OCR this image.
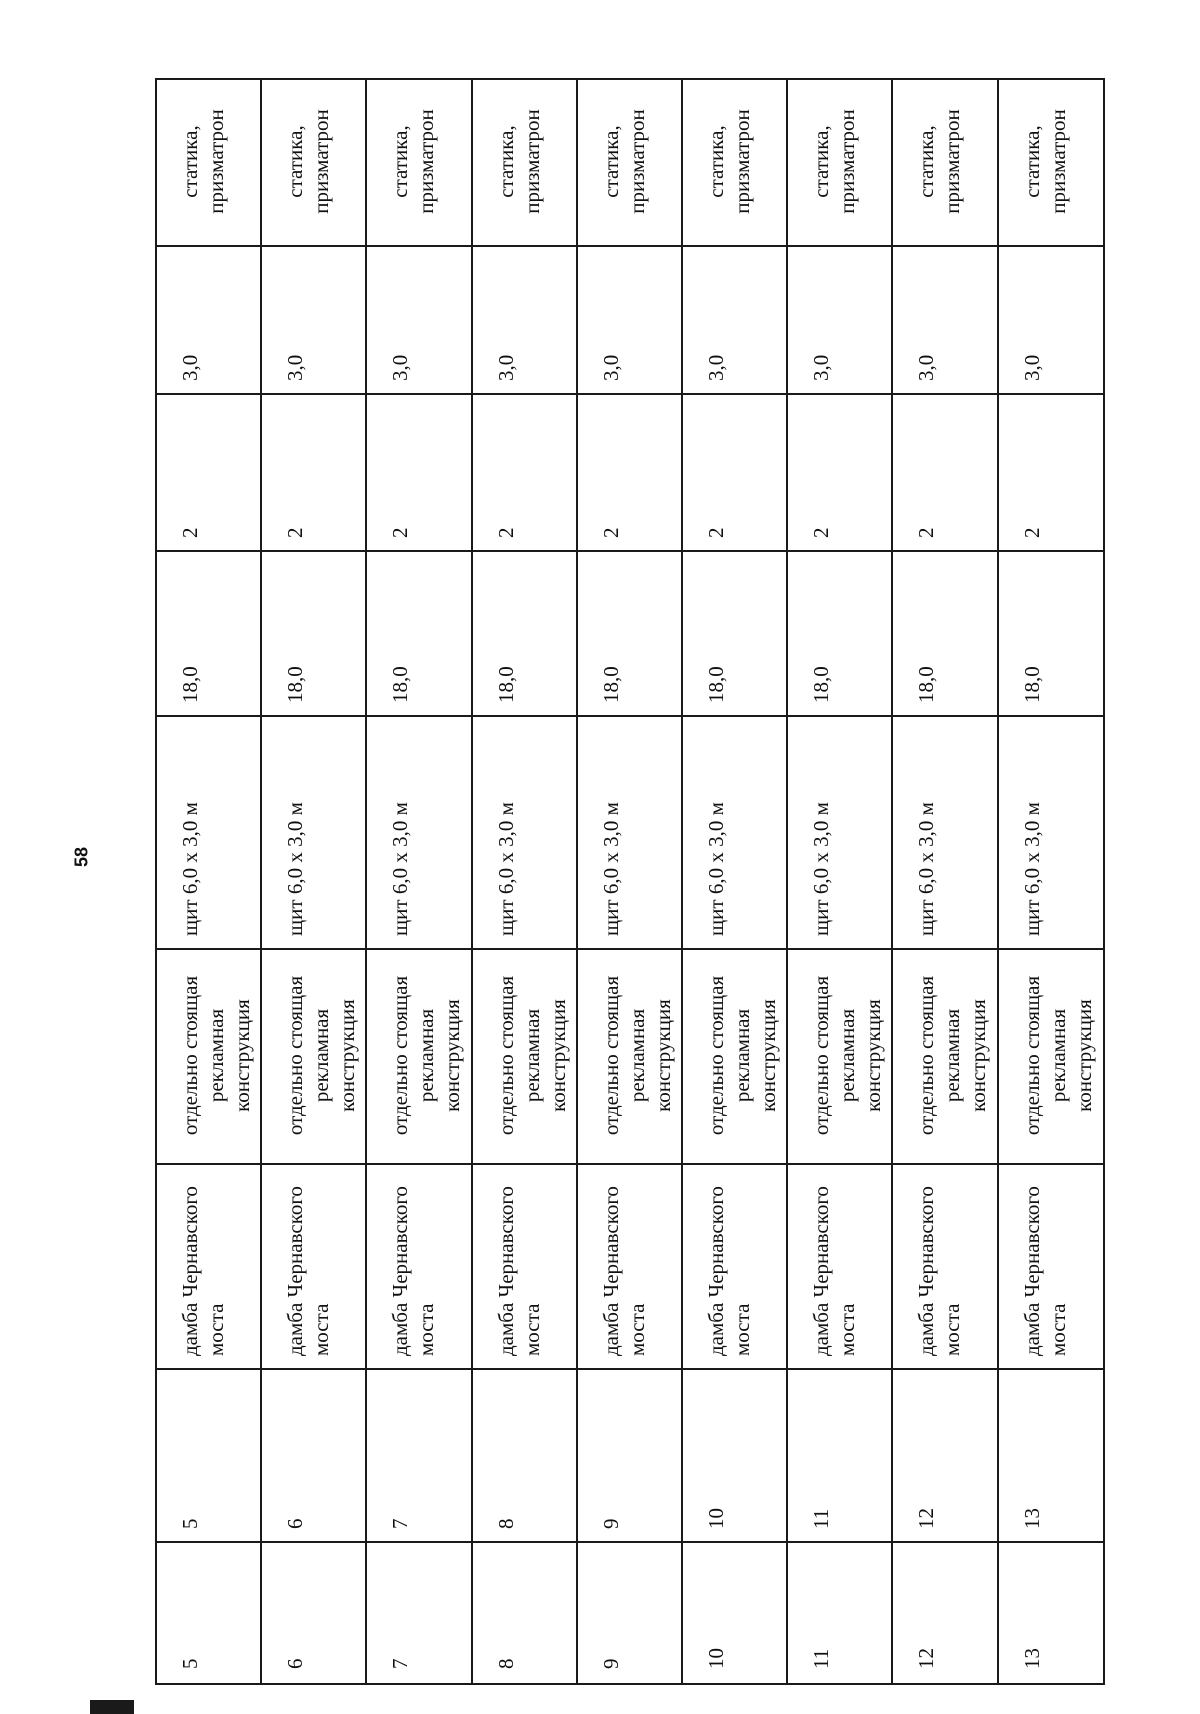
58
статика,
призматрон
3,0
2
18,0
щит 6,0 х 3,0 м
отдельно стоящая
рекламная
конструкция
дамба Чернавского
моста
5
5
статика,
призматрон
3,0
2
18,0
щит 6,0 х 3,0 м
отдельно стоящая
рекламная
конструкция
дамба Чернавского
моста
6
6
статика,
призматрон
3,0
2
18,0
щит 6,0 х 3,0 м
отдельно стоящая
рекламная
конструкция
дамба Чернавского
моста
7
7
статика,
призматрон
3,0
2
18,0
щит 6,0 х 3,0 м
отдельно стоящая
рекламная
конструкция
дамба Чернавского
моста
8
8
статика,
призматрон
3,0
2
18,0
щит 6,0 х 3,0 м
отдельно стоящая
рекламная
конструкция
дамба Чернавского
моста
9
9
статика,
призматрон
3,0
2
18,0
щит 6,0 х 3,0 м
отдельно стоящая
рекламная
конструкция
дамба Чернавского
моста
10
10
статика,
призматрон
3,0
2
18,0
щит 6,0 х 3,0 м
отдельно стоящая
рекламная
конструкция
дамба Чернавского
моста
11
11
статика,
призматрон
3,0
2
18,0
щит 6,0 х 3,0 м
отдельно стоящая
рекламная
конструкция
дамба Чернавского
моста
12
12
статика,
призматрон
3,0
2
18,0
щит 6,0 х 3,0 м
отдельно стоящая
рекламная
конструкция
дамба Чернавского
моста
13
13
